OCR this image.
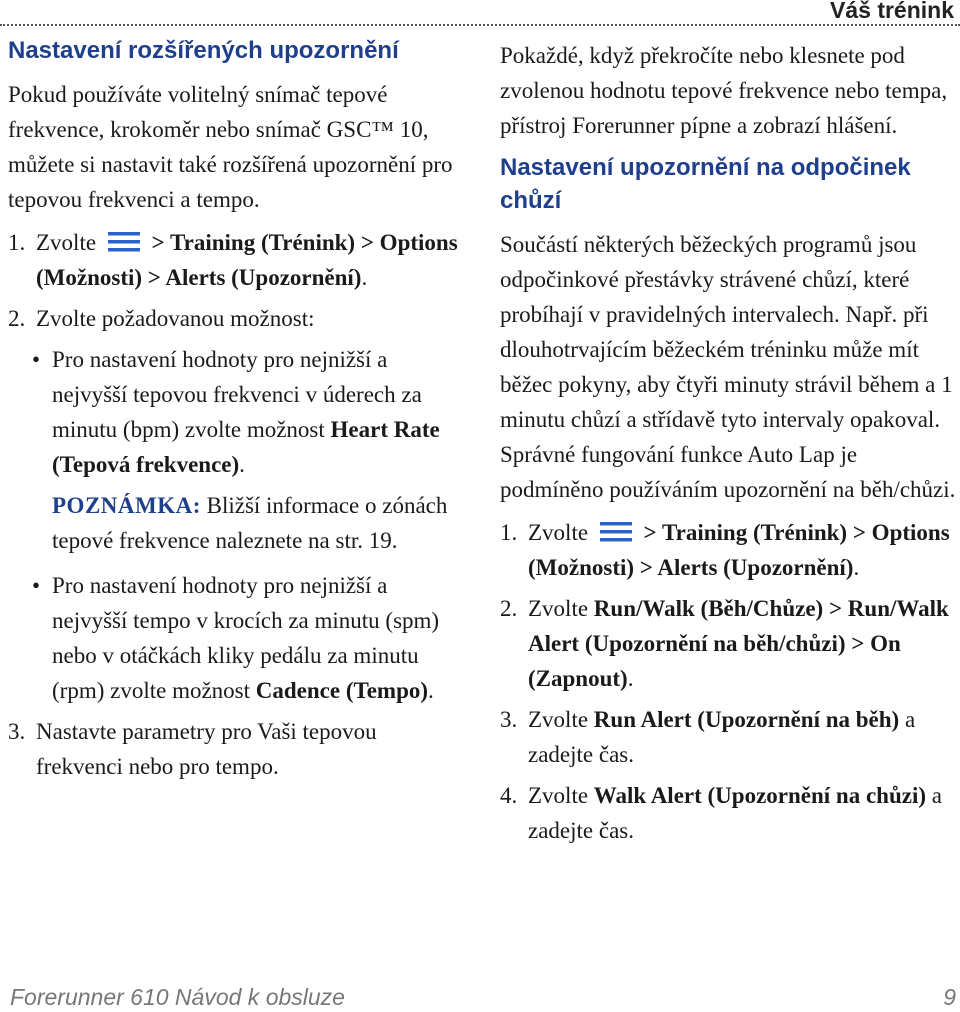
Váš trénink
Nastavení rozšířených upozornění

Pokud používáte volitelný snímač tepové frekvence, krokoměr nebo snímač GSC™ 10, můžete si nastavit také rozšířená upozornění pro tepovou frekvenci a tempo.

1. Zvolte > Training (Trénink) > Options (Možnosti) > Alerts (Upozornění).
2. Zvolte požadovanou možnost:
• Pro nastavení hodnoty pro nejnižší a nejvyšší tepovou frekvenci v úderech za minutu (bpm) zvolte možnost Heart Rate (Tepová frekvence).
POZNÁMKA: Bližší informace o zónách tepové frekvence naleznete na str. 19.
• Pro nastavení hodnoty pro nejnižší a nejvyšší tempo v krocích za minutu (spm) nebo v otáčkách kliky pedálu za minutu (rpm) zvolte možnost Cadence (Tempo).
3. Nastavte parametry pro Vaši tepovou frekvenci nebo pro tempo.

Pokaždé, když překročíte nebo klesnete pod zvolenou hodnotu tepové frekvence nebo tempa, přístroj Forerunner pípne a zobrazí hlášení.

Nastavení upozornění na odpočinek chůzí

Součástí některých běžeckých programů jsou odpočinkové přestávky strávené chůzí, které probíhají v pravidelných intervalech. Např. při dlouhotrvajícím běžeckém tréninku může mít běžec pokyny, aby čtyři minuty strávil během a 1 minutu chůzí a střídavě tyto intervaly opakoval. Správné fungování funkce Auto Lap je podmíněno používáním upozornění na běh/chůzi.

1. Zvolte > Training (Trénink) > Options (Možnosti) > Alerts (Upozornění).
2. Zvolte Run/Walk (Běh/Chůze) > Run/Walk Alert (Upozornění na běh/chůzi) > On (Zapnout).
3. Zvolte Run Alert (Upozornění na běh) a zadejte čas.
4. Zvolte Walk Alert (Upozornění na chůzi) a zadejte čas.
Forerunner 610 Návod k obsluze	9
